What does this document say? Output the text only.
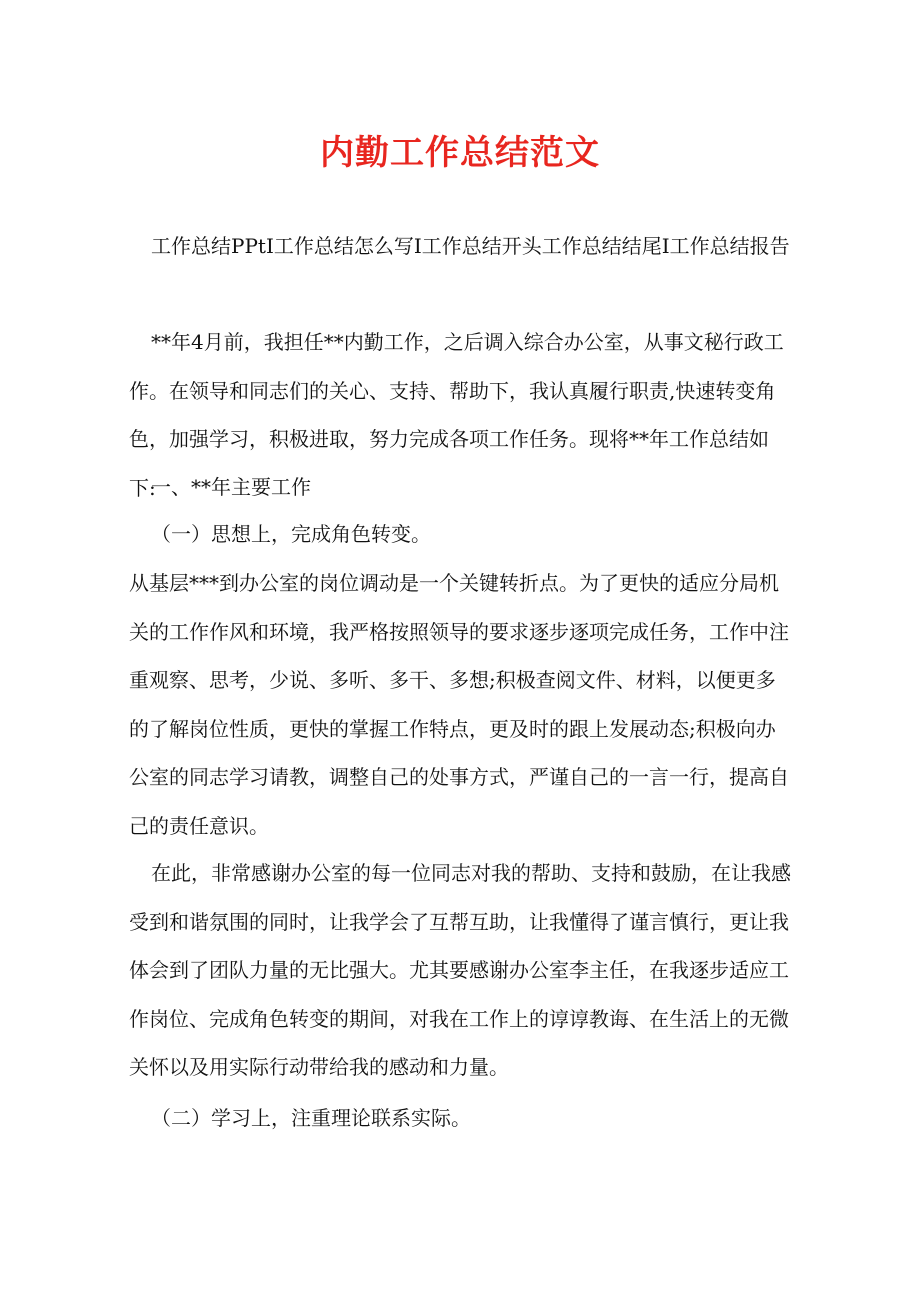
内勤工作总结范文

工作总结PPtI工作总结怎么写I工作总结开头工作总结结尾I工作总结报告

**年4月前，我担任**内勤工作，之后调入综合办公室，从事文秘行政工作。在领导和同志们的关心、支持、帮助下，我认真履行职责,快速转变角色，加强学习，积极进取，努力完成各项工作任务。现将**年工作总结如下:

一、**年主要工作

（一）思想上，完成角色转变。

从基层***到办公室的岗位调动是一个关键转折点。为了更快的适应分局机关的工作作风和环境，我严格按照领导的要求逐步逐项完成任务，工作中注重观察、思考，少说、多听、多干、多想;积极查阅文件、材料，以便更多的了解岗位性质，更快的掌握工作特点，更及时的跟上发展动态;积极向办公室的同志学习请教，调整自己的处事方式，严谨自己的一言一行，提高自己的责任意识。

在此，非常感谢办公室的每一位同志对我的帮助、支持和鼓励，在让我感受到和谐氛围的同时，让我学会了互帮互助，让我懂得了谨言慎行，更让我体会到了团队力量的无比强大。尤其要感谢办公室李主任，在我逐步适应工作岗位、完成角色转变的期间，对我在工作上的谆谆教诲、在生活上的无微关怀以及用实际行动带给我的感动和力量。

（二）学习上，注重理论联系实际。
